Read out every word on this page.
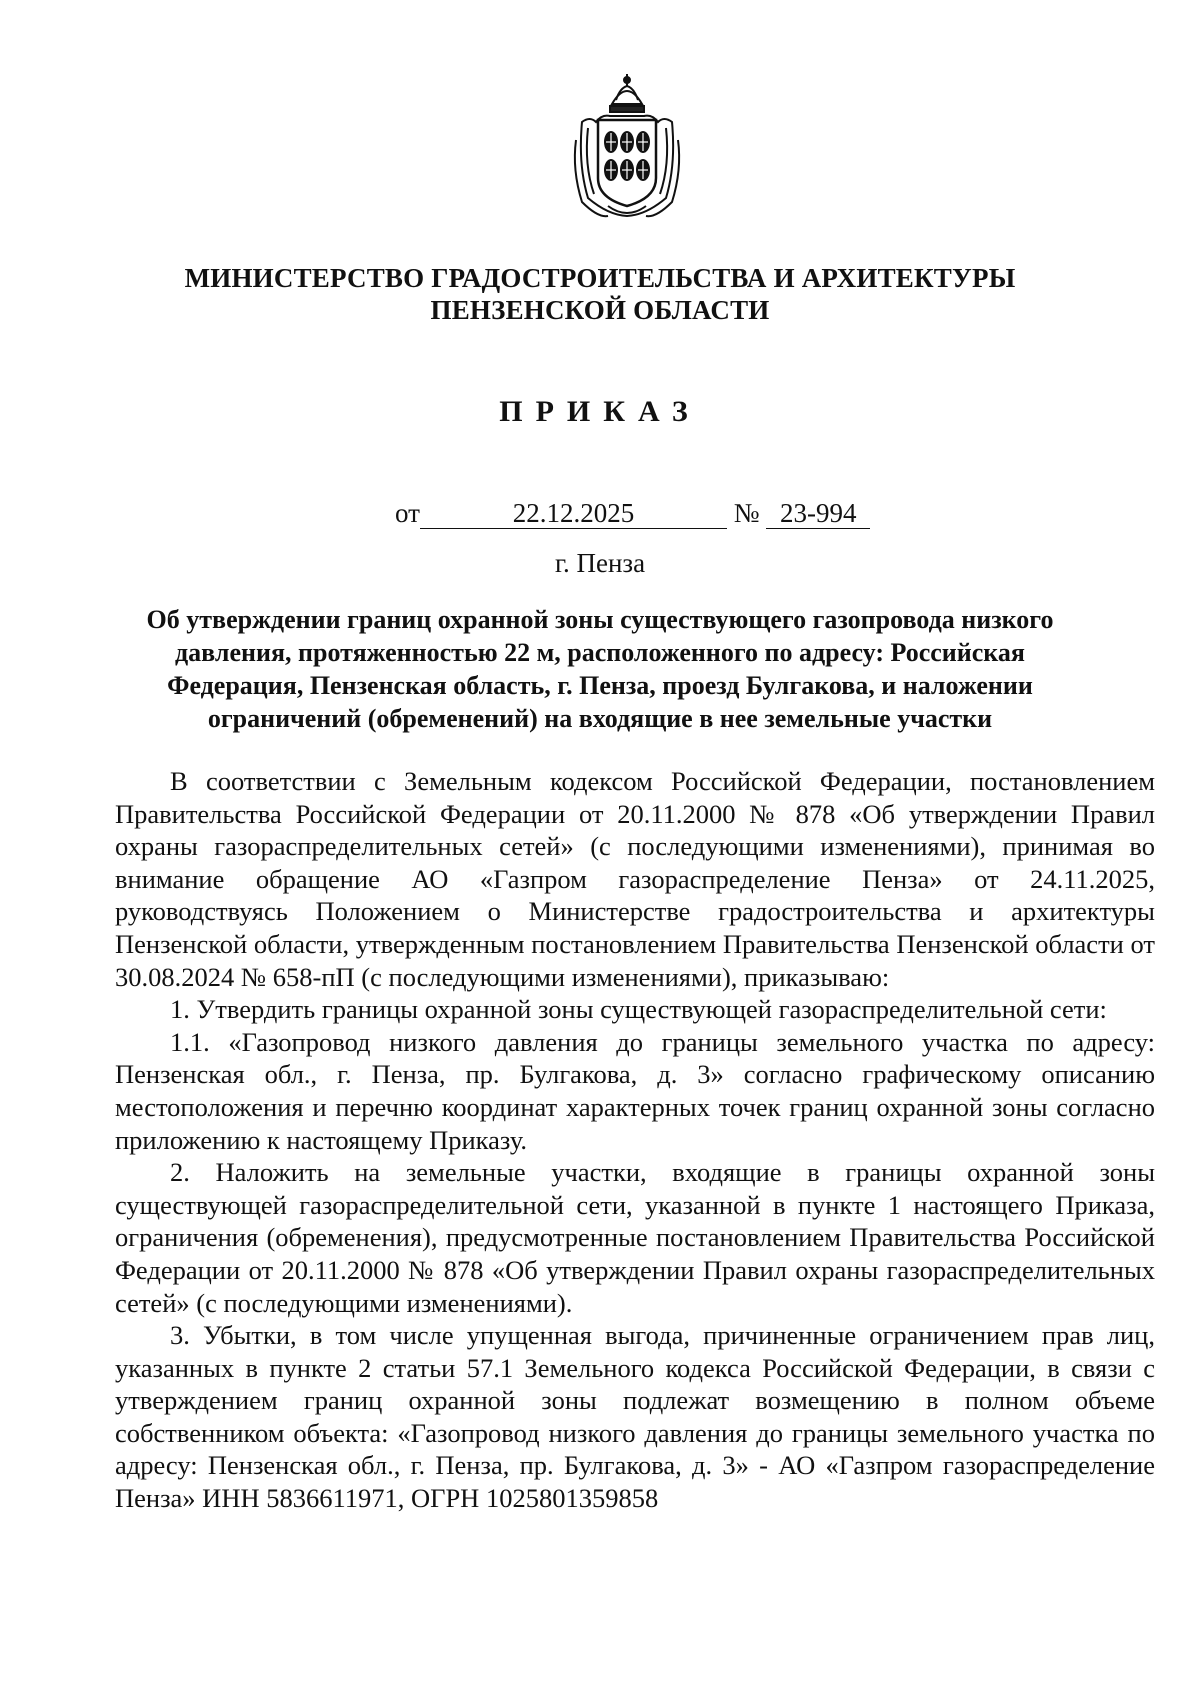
МИНИСТЕРСТВО ГРАДОСТРОИТЕЛЬСТВА И АРХИТЕКТУРЫ
ПЕНЗЕНСКОЙ ОБЛАСТИ
ПРИКАЗ
от	22.12.2025	№ 23-994
г. Пенза
Об утверждении границ охранной зоны существующего газопровода низкого давления, протяженностью 22 м, расположенного по адресу: Российская Федерация, Пензенская область, г. Пенза, проезд Булгакова, и наложении ограничений (обременений) на входящие в нее земельные участки

В соответствии с Земельным кодексом Российской Федерации, постановлением Правительства Российской Федерации от 20.11.2000 № 878 «Об утверждении Правил охраны газораспределительных сетей» (с последующими изменениями), принимая во внимание обращение АО «Газпром газораспределение Пенза» от 24.11.2025, руководствуясь Положением о Министерстве градостроительства и архитектуры Пензенской области, утвержденным постановлением Правительства Пензенской области от 30.08.2024 № 658-пП (с последующими изменениями), приказываю:

1. Утвердить границы охранной зоны существующей газораспределительной сети:

1.1. «Газопровод низкого давления до границы земельного участка по адресу: Пензенская обл., г. Пенза, пр. Булгакова, д. 3» согласно графическому описанию местоположения и перечню координат характерных точек границ охранной зоны согласно приложению к настоящему Приказу.

2. Наложить на земельные участки, входящие в границы охранной зоны существующей газораспределительной сети, указанной в пункте 1 настоящего Приказа, ограничения (обременения), предусмотренные постановлением Правительства Российской Федерации от 20.11.2000 № 878 «Об утверждении Правил охраны газораспределительных сетей» (с последующими изменениями).

3. Убытки, в том числе упущенная выгода, причиненные ограничением прав лиц, указанных в пункте 2 статьи 57.1 Земельного кодекса Российской Федерации, в связи с утверждением границ охранной зоны подлежат возмещению в полном объеме собственником объекта: «Газопровод низкого давления до границы земельного участка по адресу: Пензенская обл., г. Пенза, пр. Булгакова, д. 3» - АО «Газпром газораспределение Пенза» ИНН 5836611971, ОГРН 1025801359858
